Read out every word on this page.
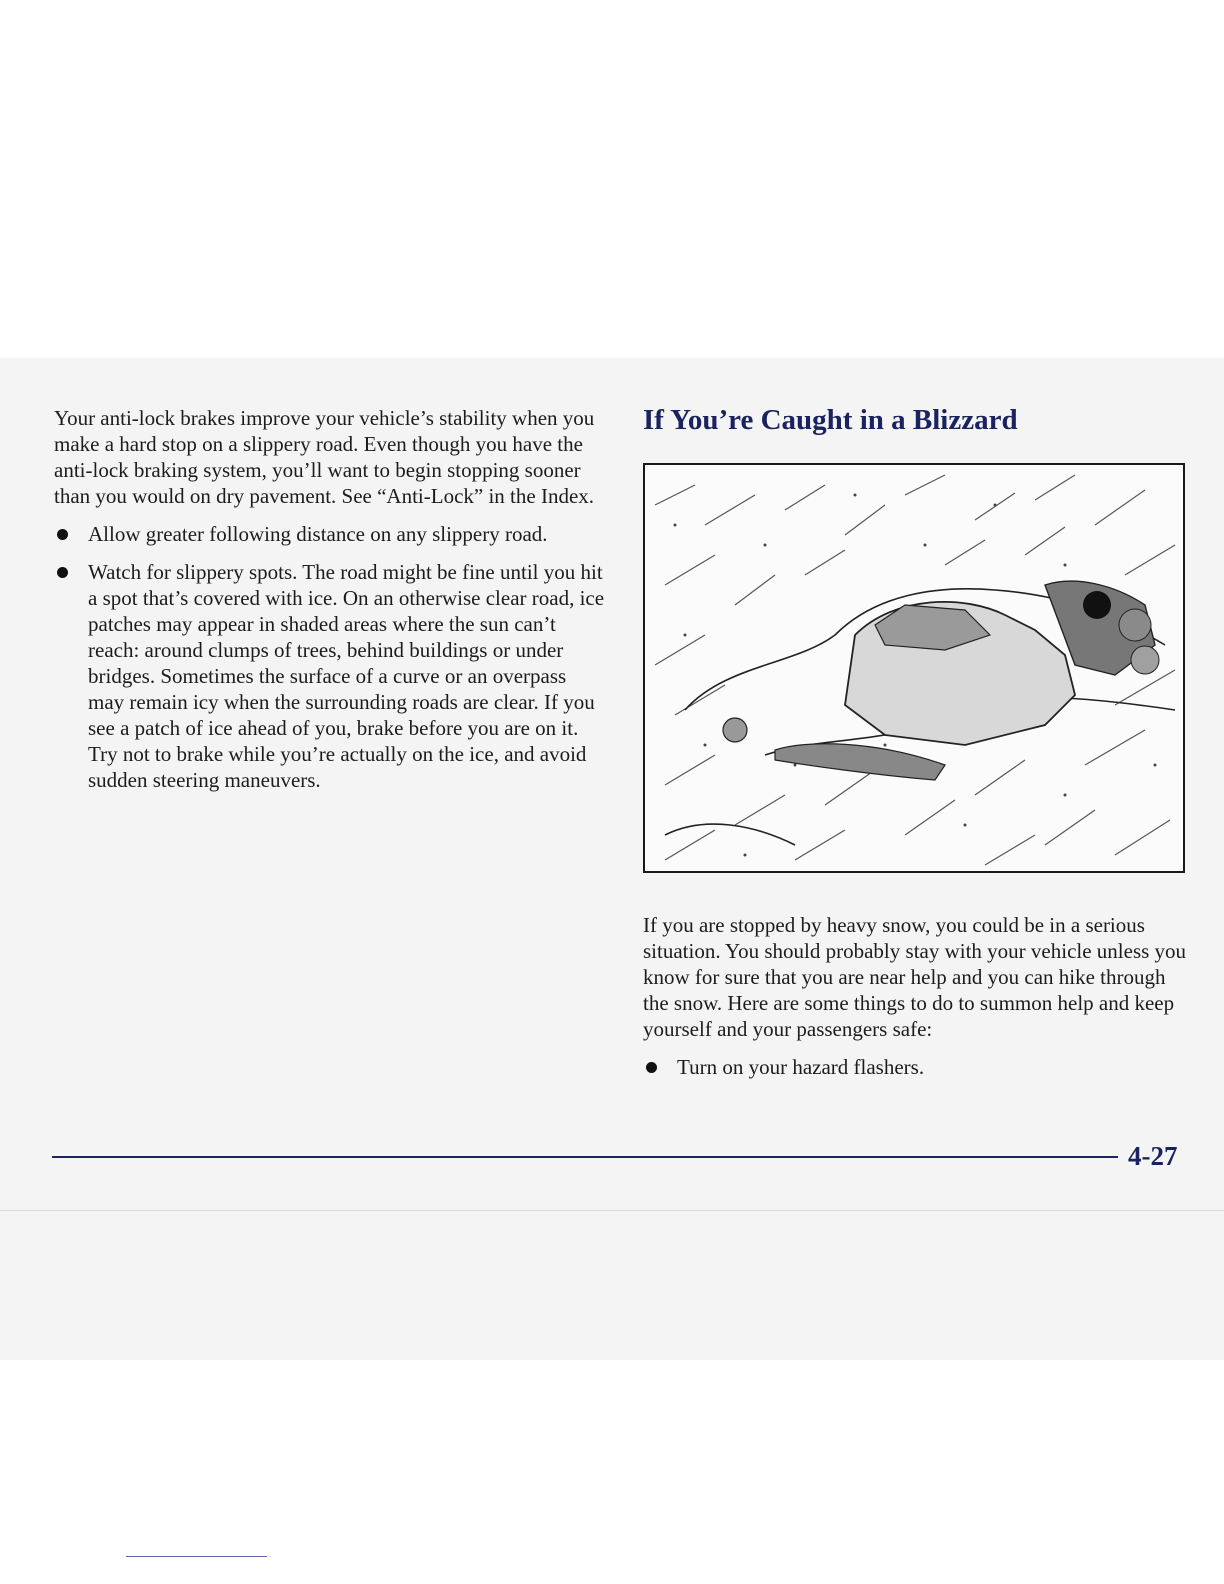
Your anti-lock brakes improve your vehicle’s stability when you make a hard stop on a slippery road. Even though you have the anti-lock braking system, you’ll want to begin stopping sooner than you would on dry pavement. See “Anti-Lock” in the Index.

Allow greater following distance on any slippery road.
Watch for slippery spots. The road might be fine until you hit a spot that’s covered with ice. On an otherwise clear road, ice patches may appear in shaded areas where the sun can’t reach: around clumps of trees, behind buildings or under bridges. Sometimes the surface of a curve or an overpass may remain icy when the surrounding roads are clear. If you see a patch of ice ahead of you, brake before you are on it. Try not to brake while you’re actually on the ice, and avoid sudden steering maneuvers.
If You’re Caught in a Blizzard

If you are stopped by heavy snow, you could be in a serious situation. You should probably stay with your vehicle unless you know for sure that you are near help and you can hike through the snow. Here are some things to do to summon help and keep yourself and your passengers safe:

Turn on your hazard flashers.
4-27
